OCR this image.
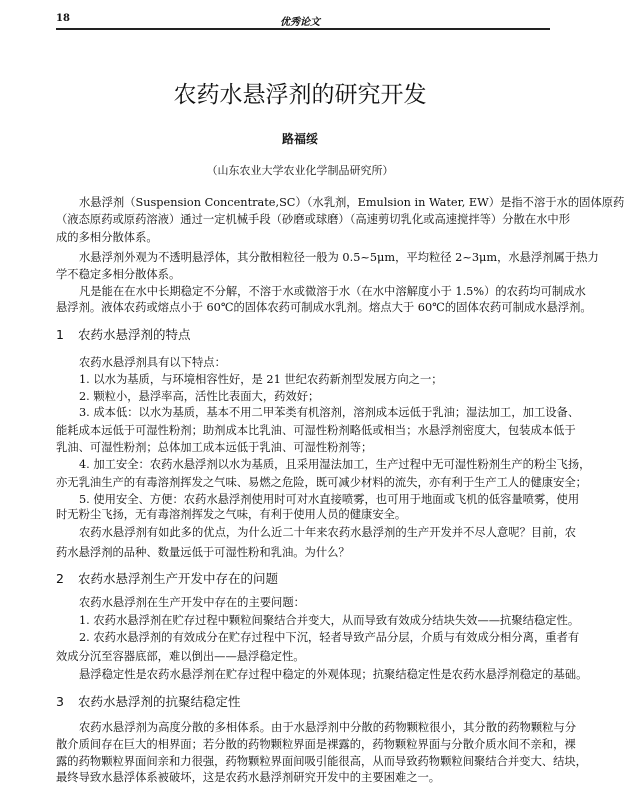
18	优秀论文
农药水悬浮剂的研究开发
路福绥
（山东农业大学农业化学制品研究所）
水悬浮剂（Suspension Concentrate,SC）（水乳剂，Emulsion in Water, EW）是指不溶于水的固体原药
（液态原药或原药溶液）通过一定机械手段（砂磨或球磨）（高速剪切乳化或高速搅拌等）分散在水中形
成的多相分散体系。
水悬浮剂外观为不透明悬浮体，其分散相粒径一般为 0.5~5μm，平均粒径 2~3μm，水悬浮剂属于热力
学不稳定多相分散体系。
凡是能在在水中长期稳定不分解，不溶于水或微溶于水（在水中溶解度小于 1.5%）的农药均可制成水
悬浮剂。液体农药或熔点小于 60℃的固体农药可制成水乳剂。熔点大于 60℃的固体农药可制成水悬浮剂。
1 农药水悬浮剂的特点
农药水悬浮剂具有以下特点：
1. 以水为基质，与环境相容性好，是 21 世纪农药新剂型发展方向之一；
2. 颗粒小，悬浮率高，活性比表面大，药效好；
3. 成本低：以水为基质，基本不用二甲苯类有机溶剂，溶剂成本远低于乳油；湿法加工，加工设备、
能耗成本远低于可湿性粉剂；助剂成本比乳油、可湿性粉剂略低或相当；水悬浮剂密度大，包装成本低于
乳油、可湿性粉剂；总体加工成本远低于乳油、可湿性粉剂等；
4. 加工安全：农药水悬浮剂以水为基质，且采用湿法加工，生产过程中无可湿性粉剂生产的粉尘飞扬，
亦无乳油生产的有毒溶剂挥发之气味、易燃之危险，既可减少材料的流失，亦有利于生产工人的健康安全；
5. 使用安全、方便：农药水悬浮剂使用时可对水直接喷雾，也可用于地面或飞机的低容量喷雾，使用
时无粉尘飞扬，无有毒溶剂挥发之气味，有利于使用人员的健康安全。
农药水悬浮剂有如此多的优点，为什么近二十年来农药水悬浮剂的生产开发并不尽人意呢？目前，农
药水悬浮剂的品种、数量远低于可湿性粉和乳油。为什么？
2 农药水悬浮剂生产开发中存在的问题
农药水悬浮剂在生产开发中存在的主要问题：
1. 农药水悬浮剂在贮存过程中颗粒间聚结合并变大，从而导致有效成分结块失效——抗聚结稳定性。
2. 农药水悬浮剂的有效成分在贮存过程中下沉，轻者导致产品分层，介质与有效成分相分离，重者有
效成分沉至容器底部，难以倒出——悬浮稳定性。
悬浮稳定性是农药水悬浮剂在贮存过程中稳定的外观体现；抗聚结稳定性是农药水悬浮剂稳定的基础。
3 农药水悬浮剂的抗聚结稳定性
农药水悬浮剂为高度分散的多相体系。由于水悬浮剂中分散的药物颗粒很小，其分散的药物颗粒与分
散介质间存在巨大的相界面；若分散的药物颗粒界面是裸露的，药物颗粒界面与分散介质水间不亲和，裸
露的药物颗粒界面间亲和力很强，药物颗粒界面间吸引能很高，从而导致药物颗粒间聚结合并变大、结块，
最终导致水悬浮体系被破坏，这是农药水悬浮剂研究开发中的主要困难之一。
